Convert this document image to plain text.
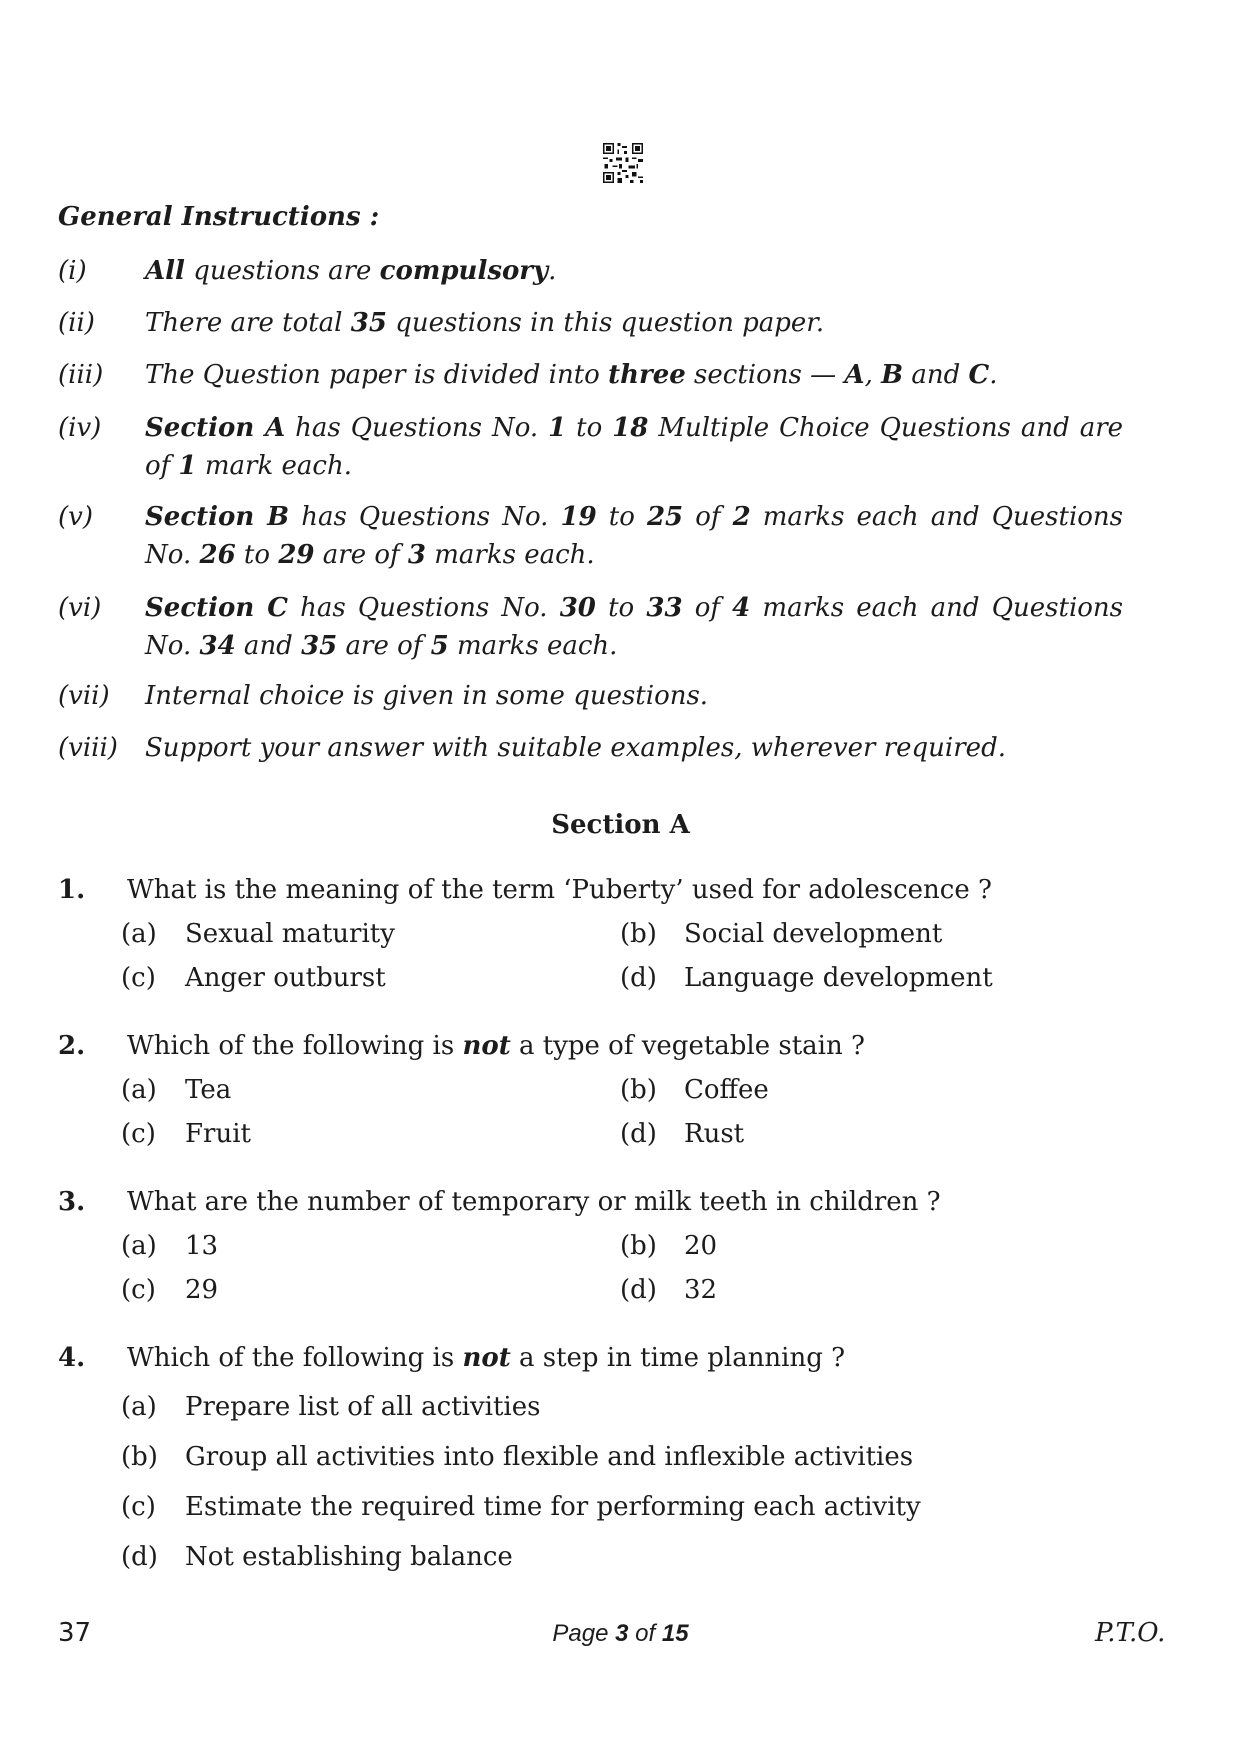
General Instructions :
(i) All questions are compulsory.
(ii) There are total 35 questions in this question paper.
(iii) The Question paper is divided into three sections — A, B and C.
(iv) Section A has Questions No. 1 to 18 Multiple Choice Questions and are of 1 mark each.
(v) Section B has Questions No. 19 to 25 of 2 marks each and Questions No. 26 to 29 are of 3 marks each.
(vi) Section C has Questions No. 30 to 33 of 4 marks each and Questions No. 34 and 35 are of 5 marks each.
(vii) Internal choice is given in some questions.
(viii) Support your answer with suitable examples, wherever required.
Section A
1. What is the meaning of the term ‘Puberty’ used for adolescence ?
(a) Sexual maturity	(b) Social development
(c) Anger outburst	(d) Language development
2. Which of the following is not a type of vegetable stain ?
(a) Tea	(b) Coffee
(c) Fruit	(d) Rust
3. What are the number of temporary or milk teeth in children ?
(a) 13	(b) 20
(c) 29	(d) 32
4. Which of the following is not a step in time planning ?
(a) Prepare list of all activities
(b) Group all activities into flexible and inflexible activities
(c) Estimate the required time for performing each activity
(d) Not establishing balance
37	Page 3 of 15	P.T.O.
